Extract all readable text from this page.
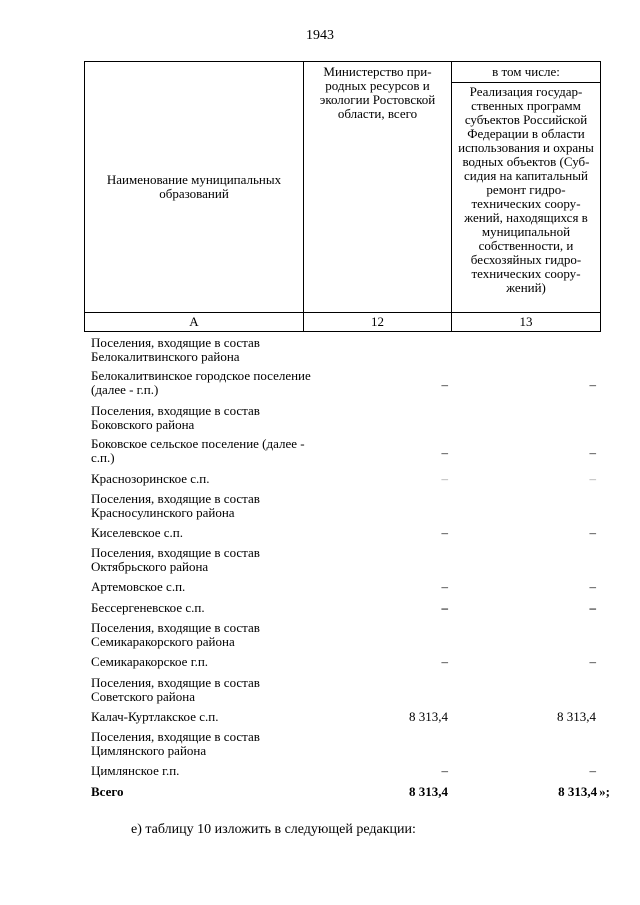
1943
Наименование муниципальных образований
Министерство природных ресурсов и экологии Ростовской области, всего
в том числе:
Реализация государственных программ субъектов Российской Федерации в области использования и охраны водных объектов (Субсидия на капитальный ремонт гидротехнических сооружений, находящихся в муниципальной собственности, и бесхозяйных гидротехнических сооружений)
А	12	13
Поселения, входящие в состав Белокалитвинского района
Белокалитвинское городское поселение (далее - г.п.)	–	–
Поселения, входящие в состав Боковского района
Боковское сельское поселение (далее - с.п.)	–	–
Краснозоринское с.п.	–	–
Поселения, входящие в состав Красносулинского района
Киселевское с.п.	–	–
Поселения, входящие в состав Октябрьского района
Артемовское с.п.	–	–
Бессергеневское с.п.	–	–
Поселения, входящие в состав Семикаракорского района
Семикаракорское г.п.	–	–
Поселения, входящие в состав Советского района
Калач-Куртлакское с.п.	8 313,4	8 313,4
Поселения, входящие в состав Цимлянского района
Цимлянское г.п.	–	–
Всего	8 313,4	8 313,4 »;
е) таблицу 10 изложить в следующей редакции:
